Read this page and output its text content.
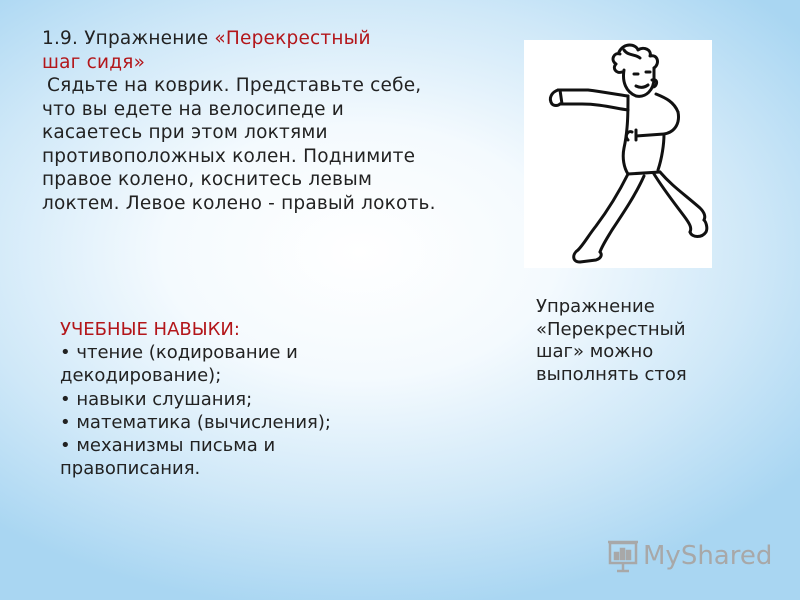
1.9. Упражнение «Перекрестный
шаг сидя»

Сядьте на коврик. Представьте себе, что вы едете на велосипеде и касаетесь при этом локтями противоположных колен. Поднимите правое колено, коснитесь левым локтем. Левое колено - правый локоть.
УЧЕБНЫЕ НАВЫКИ:
• чтение (кодирование и декодирование);
• навыки слушания;
• математика (вычисления);
• механизмы письма и правописания.
Упражнение «Перекрестный шаг» можно выполнять стоя
MyShared
